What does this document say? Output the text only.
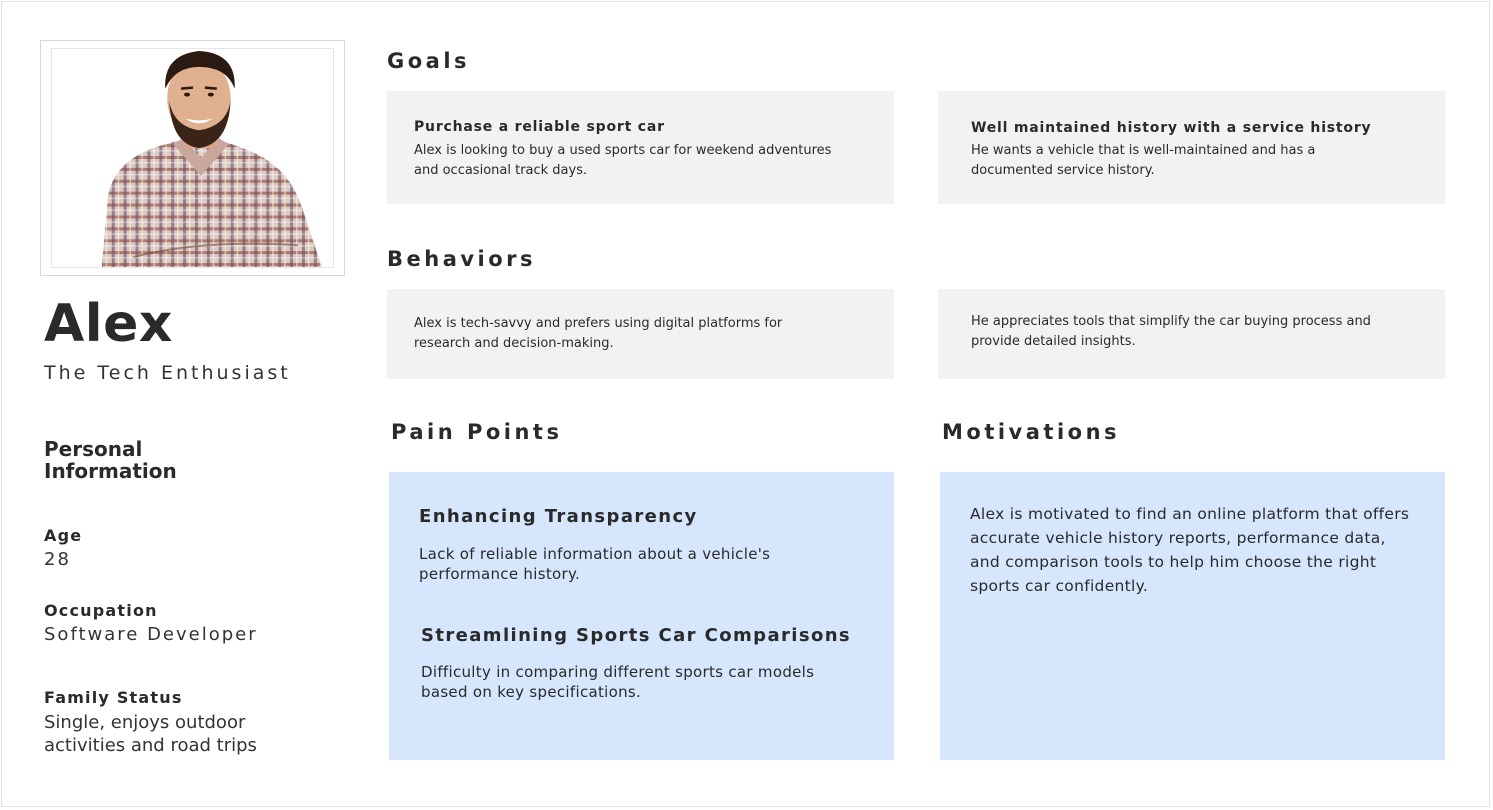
Alex
The Tech Enthusiast
Personal Information
Age
28
Occupation
Software Developer
Family Status
Single, enjoys outdoor activities and road trips
Goals
Purchase a reliable sport car
Alex is looking to buy a used sports car for weekend adventures and occasional track days.
Well maintained history with a service history
He wants a vehicle that is well-maintained and has a documented service history.
Behaviors
Alex is tech-savvy and prefers using digital platforms for research and decision-making.
He appreciates tools that simplify the car buying process and provide detailed insights.
Pain Points
Enhancing Transparency
Lack of reliable information about a vehicle's performance history.
Streamlining Sports Car Comparisons
Difficulty in comparing different sports car models based on key specifications.
Motivations
Alex is motivated to find an online platform that offers accurate vehicle history reports, performance data, and comparison tools to help him choose the right sports car confidently.
